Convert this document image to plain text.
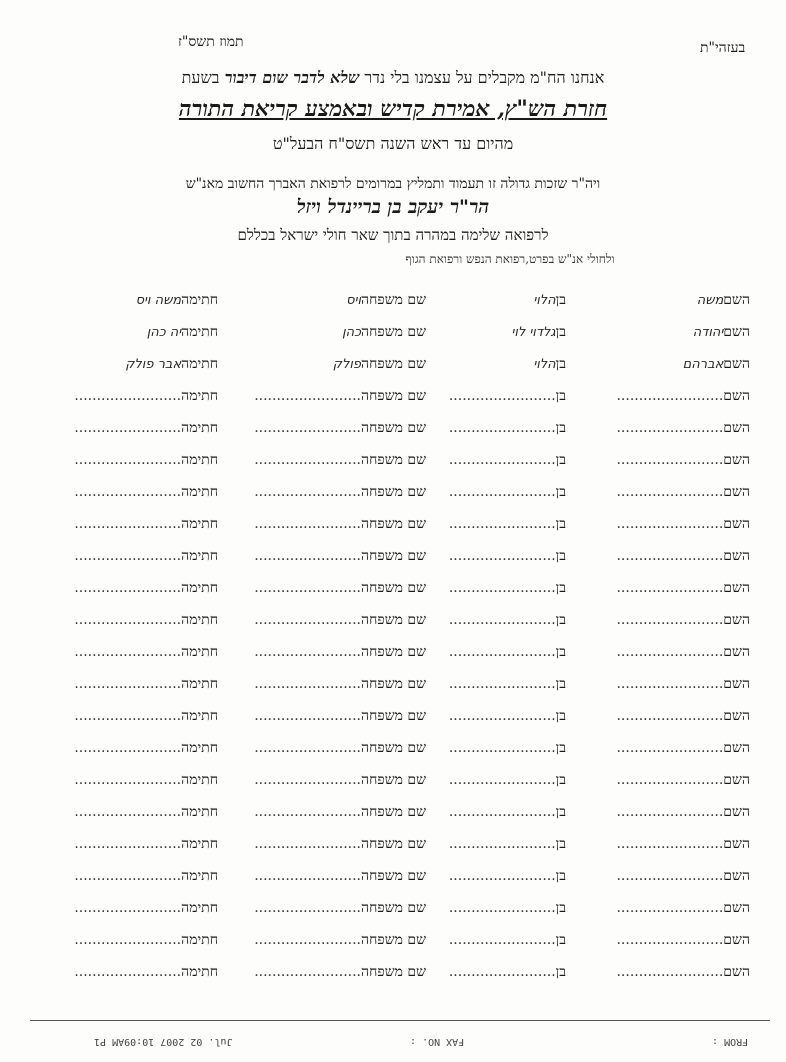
בעזהי"ת
תמוז תשס"ז
אנחנו הח"מ מקבלים על עצמנו בלי נדר שלא לדבר שום דיבור בשעת
חזרת הש"ץ, אמירת קדיש ובאמצע קריאת התורה
מהיום עד ראש השנה תשס"ח הבעל"ט
ויה"ר שזכות גדולה זו תעמוד ותמליץ במרומים לרפואת האברך החשוב מאנ"ש
הר"ר יעקב בן בריינדל ויזל
לרפואה שלימה במהרה בתוך שאר חולי ישראל בכללם
ולחולי אנ"ש בפרט,רפואת הנפש ורפואת הגוף
השםמשה
בןהלוי
שם משפחהויס
חתימהמשה ויס
השםיהודה
בןגלדוי לוי
שם משפחהכהן
חתימהיה כהן
השםאברהם
בןהלוי
שם משפחהפולק
חתימהאבר פולק
השם........................
בן........................
שם משפחה........................
חתימה........................
השם........................
בן........................
שם משפחה........................
חתימה........................
השם........................
בן........................
שם משפחה........................
חתימה........................
השם........................
בן........................
שם משפחה........................
חתימה........................
השם........................
בן........................
שם משפחה........................
חתימה........................
השם........................
בן........................
שם משפחה........................
חתימה........................
השם........................
בן........................
שם משפחה........................
חתימה........................
השם........................
בן........................
שם משפחה........................
חתימה........................
השם........................
בן........................
שם משפחה........................
חתימה........................
השם........................
בן........................
שם משפחה........................
חתימה........................
השם........................
בן........................
שם משפחה........................
חתימה........................
השם........................
בן........................
שם משפחה........................
חתימה........................
השם........................
בן........................
שם משפחה........................
חתימה........................
השם........................
בן........................
שם משפחה........................
חתימה........................
השם........................
בן........................
שם משפחה........................
חתימה........................
השם........................
בן........................
שם משפחה........................
חתימה........................
השם........................
בן........................
שם משפחה........................
חתימה........................
השם........................
בן........................
שם משפחה........................
חתימה........................
השם........................
בן........................
שם משפחה........................
חתימה........................
FROM :
FAX NO. :
Jul. 02 2007 10:09AM P1
